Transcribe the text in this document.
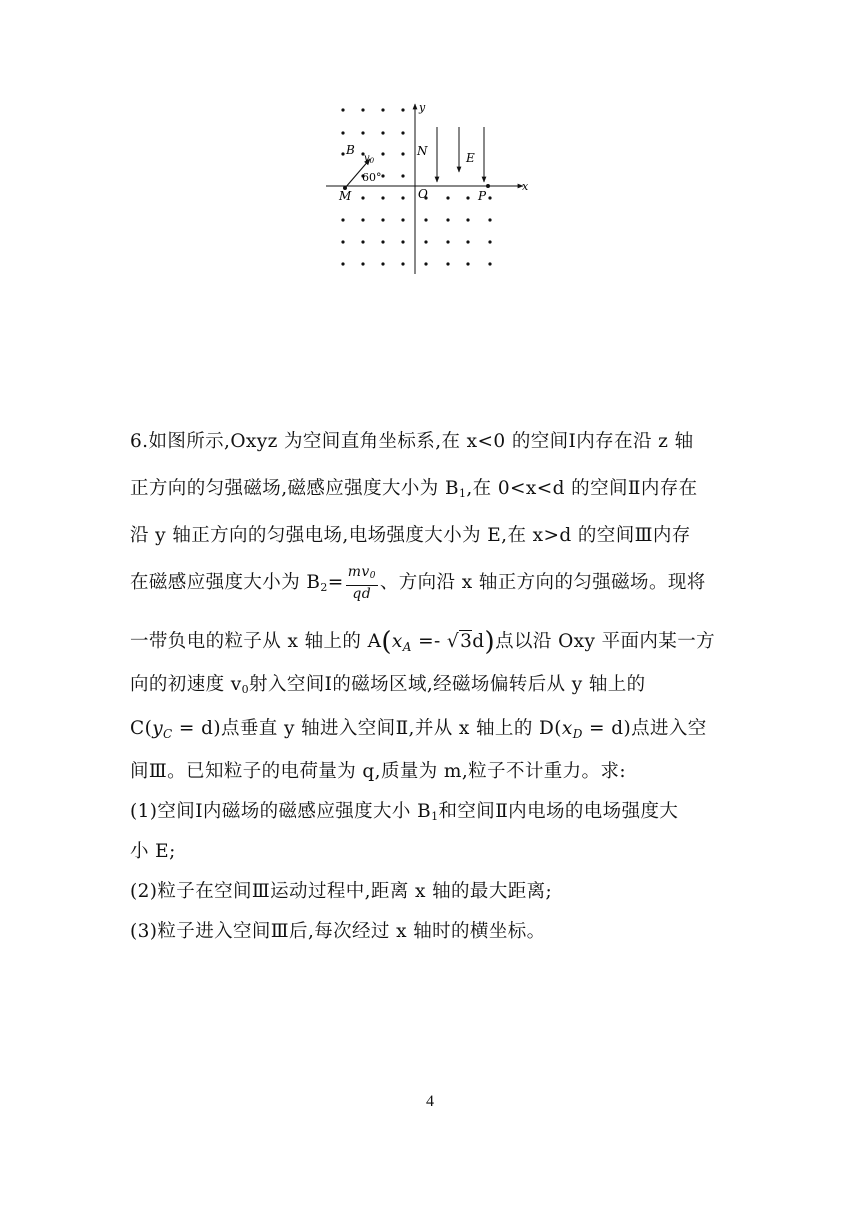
x
y
B
$v_0$
60°
M
N
O	P
E
6.如图所示,Oxyz 为空间直角坐标系,在 x<0 的空间Ⅰ内存在沿 z 轴
正方向的匀强磁场,磁感应强度大小为 $B_1$,在 0<x<d 的空间Ⅱ内存在
沿 y 轴正方向的匀强电场,电场强度大小为 E,在 x>d 的空间Ⅲ内存
在磁感应强度大小为 $B_2= \frac{mv0}{qd}$ 、方向沿 x 轴正方向的匀强磁场。现将
一带负电的粒子从 x 轴上的 $A(x_A =- √3d)$点以沿 Oxy 平面内某一方
向的初速度 $v_0$射入空间Ⅰ的磁场区域,经磁场偏转后从 y 轴上的
$C(y_C = d)$点垂直 y 轴进入空间Ⅱ,并从 x 轴上的 $D(x_D = d)$点进入空
间Ⅲ。已知粒子的电荷量为 q,质量为 m,粒子不计重力。求:
(1)空间Ⅰ内磁场的磁感应强度大小 $B_1$和空间Ⅱ内电场的电场强度大
小 E;
(2)粒子在空间Ⅲ运动过程中,距离 x 轴的最大距离;
(3)粒子进入空间Ⅲ后,每次经过 x 轴时的横坐标。
4
